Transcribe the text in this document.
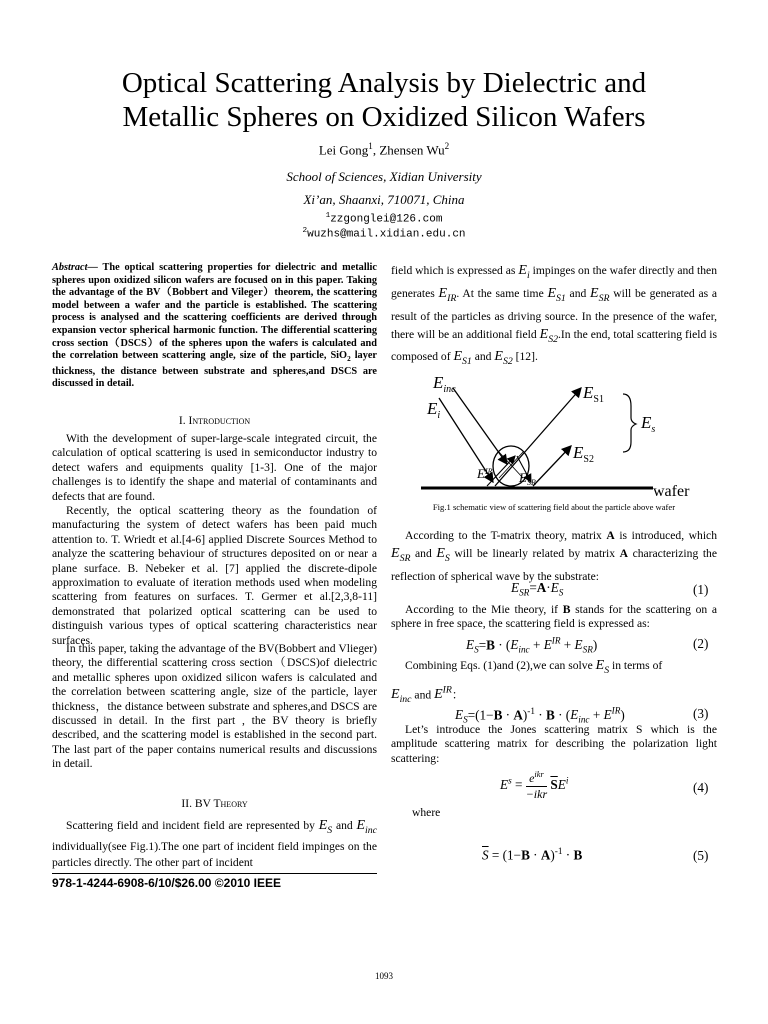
Optical Scattering Analysis by Dielectric and
Metallic Spheres on Oxidized Silicon Wafers
Lei Gong$^1$, Zhensen Wu$^2$
School of Sciences, Xidian University
Xi’an, Shaanxi, 710071, China
$^1$zzgonglei@126.com
$^2$wuzhs@mail.xidian.edu.cn
Abstract— The optical scattering properties for dielectric and metallic spheres upon oxidized silicon wafers are focused on in this paper. Taking the advantage of the BV（Bobbert and Vileger）theorem, the scattering model between a wafer and the particle is established. The scattering process is analysed and the scattering coefficients are derived through expansion vector spherical harmonic function. The differential scattering cross section（DSCS）of the spheres upon the wafers is calculated and the correlation between scattering angle, size of the particle, SiO$_2$ layer thickness, the distance between substrate and spheres,and DSCS are discussed in detail.
I. Introduction
With the development of super-large-scale integrated circuit, the calculation of optical scattering is used in semiconductor industry to detect wafers and equipments quality [1-3]. One of the major challenges is to identify the shape and material of contaminants and defects that are found.
Recently, the optical scattering theory as the foundation of manufacturing the system of detect wafers has been paid much attention to. T. Wriedt et al.[4-6] applied Discrete Sources Method to analyze the scattering behaviour of structures deposited on or near a plane surface. B. Nebeker et al. [7] applied the discrete-dipole approximation to evaluate of iteration methods used when modeling scattering from features on surfaces. T. Germer et al.[2,3,8-11] demonstrated that polarized optical scattering can be used to distinguish various types of optical scattering characteristics near surfaces.
In this paper, taking the advantage of the BV(Bobbert and Vlieger) theory, the differential scattering cross section（DSCS)of dielectric and metallic spheres upon oxidized silicon wafers is calculated and the correlation between scattering angle, size of the particle, layer thickness，the distance between substrate and spheres,and DSCS are discussed in detail. In the first part , the BV theory is briefly described, and the scattering model is established in the second part. The last part of the paper contains numerical results and discussions in detail.
II. BV Theory
Scattering field and incident field are represented by $E_S$ and $E_{inc}$ individually(see Fig.1).The one part of incident field impinges on the particles directly. The other part of incident
978-1-4244-6908-6/10/$26.00 ©2010 IEEE
field which is expressed as $E_i$ impinges on the wafer directly and then generates $E_{IR}$. At the same time $E_{S1}$ and $E_{SR}$ will be generated as a result of the particles as driving source. In the presence of the wafer, there will be an additional field $E_{S2}.In$ the end, total scattering field is composed of $E_{S1}$ and $E_{S2}$ [12].
wafer
$E_{inc}$
$E_i$
$E_{S1}$
$E_{S2}$
$E^{IR}$ $E_{SR}$
$E_s$
Fig.1 schematic view of scattering field about the particle above wafer
According to the T-matrix theory, matrix A is introduced, which $E_{SR}$ and $E_S$ will be linearly related by matrix A characterizing the reflection of spherical wave by the substrate:
$E_{SR}=A\cdot E_S$	(1)
According to the Mie theory, if B stands for the scattering on a sphere in free space, the scattering field is expressed as:
$E_S=B \cdot (E_{inc} + E^{IR} + E_{SR})$	(2)
Combining Eqs. (1)and (2),we can solve $E_S$ in terms of
$E_{inc}$ and $E^{IR}$：
$E_S=(1-B \cdot A)^{-1} \cdot B \cdot (E_{inc} + E^{IR})$	(3)
Let’s introduce the Jones scattering matrix S which is the amplitude scattering matrix for describing the polarization light scattering:
$E^s = e^{ikr}$
−ikr
$\overline{S}E^i$	(4)
where
$\overline{S} = (1-B \cdot A)^{-1} \cdot B$	(5)
1093
